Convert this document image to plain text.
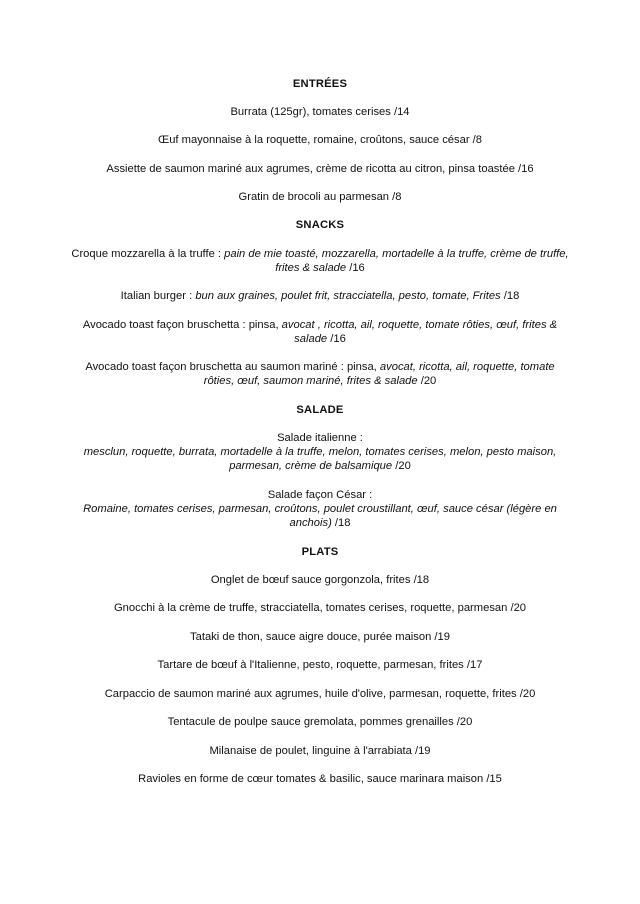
ENTRÉES
Burrata (125gr), tomates cerises /14
Œuf mayonnaise à la roquette, romaine, croûtons, sauce césar /8
Assiette de saumon mariné aux agrumes, crème de ricotta au citron, pinsa toastée /16
Gratin de brocoli au parmesan /8
SNACKS
Croque mozzarella à la truffe : pain de mie toasté, mozzarella, mortadelle à la truffe, crème de truffe, frites & salade /16
Italian burger : bun aux graines, poulet frit, stracciatella, pesto, tomate, Frites /18
Avocado toast façon bruschetta : pinsa, avocat , ricotta, ail, roquette, tomate rôties, œuf, frites & salade /16
Avocado toast façon bruschetta au saumon mariné : pinsa, avocat, ricotta, ail, roquette, tomate rôties, œuf, saumon mariné, frites & salade /20
SALADE
Salade italienne :
mesclun, roquette, burrata, mortadelle à la truffe, melon, tomates cerises, melon, pesto maison, parmesan, crème de balsamique /20
Salade façon César :
Romaine, tomates cerises, parmesan, croûtons, poulet croustillant, œuf, sauce césar (légère en anchois) /18
PLATS
Onglet de bœuf sauce gorgonzola, frites /18
Gnocchi à la crème de truffe, stracciatella, tomates cerises, roquette, parmesan /20
Tataki de thon, sauce aigre douce, purée maison /19
Tartare de bœuf à l'Italienne, pesto, roquette, parmesan, frites /17
Carpaccio de saumon mariné aux agrumes, huile d'olive, parmesan, roquette, frites /20
Tentacule de poulpe sauce gremolata, pommes grenailles /20
Milanaise de poulet, linguine à l'arrabiata /19
Ravioles en forme de cœur tomates & basilic, sauce marinara maison /15
